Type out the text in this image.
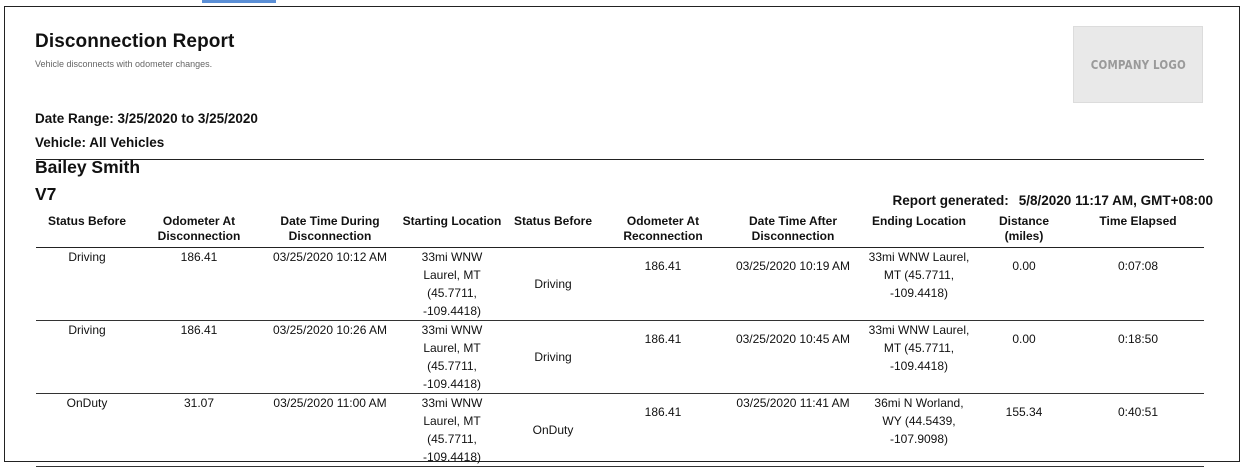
Disconnection Report
Vehicle disconnects with odometer changes.	COMPANY LOGO
Date Range: 3/25/2020 to 3/25/2020
Vehicle: All Vehicles
Bailey Smith
V7	Report generated: 5/8/2020 11:17 AM, GMT+08:00
Status Before	Odometer At Disconnection	Date Time During Disconnection	Starting Location	Status Before	Odometer At Reconnection	Date Time After Disconnection	Ending Location	Distance (miles)	Time Elapsed
Driving	186.41	03/25/2020 10:12 AM	33mi WNW Laurel, MT (45.7711, -109.4418)	Driving	186.41	03/25/2020 10:19 AM	33mi WNW Laurel, MT (45.7711, -109.4418)	0.00	0:07:08
Driving	186.41	03/25/2020 10:26 AM	33mi WNW Laurel, MT (45.7711, -109.4418)	Driving	186.41	03/25/2020 10:45 AM	33mi WNW Laurel, MT (45.7711, -109.4418)	0.00	0:18:50
OnDuty	31.07	03/25/2020 11:00 AM	33mi WNW Laurel, MT (45.7711, -109.4418)	OnDuty	186.41	03/25/2020 11:41 AM	36mi N Worland, WY (44.5439, -107.9098)	155.34	0:40:51
